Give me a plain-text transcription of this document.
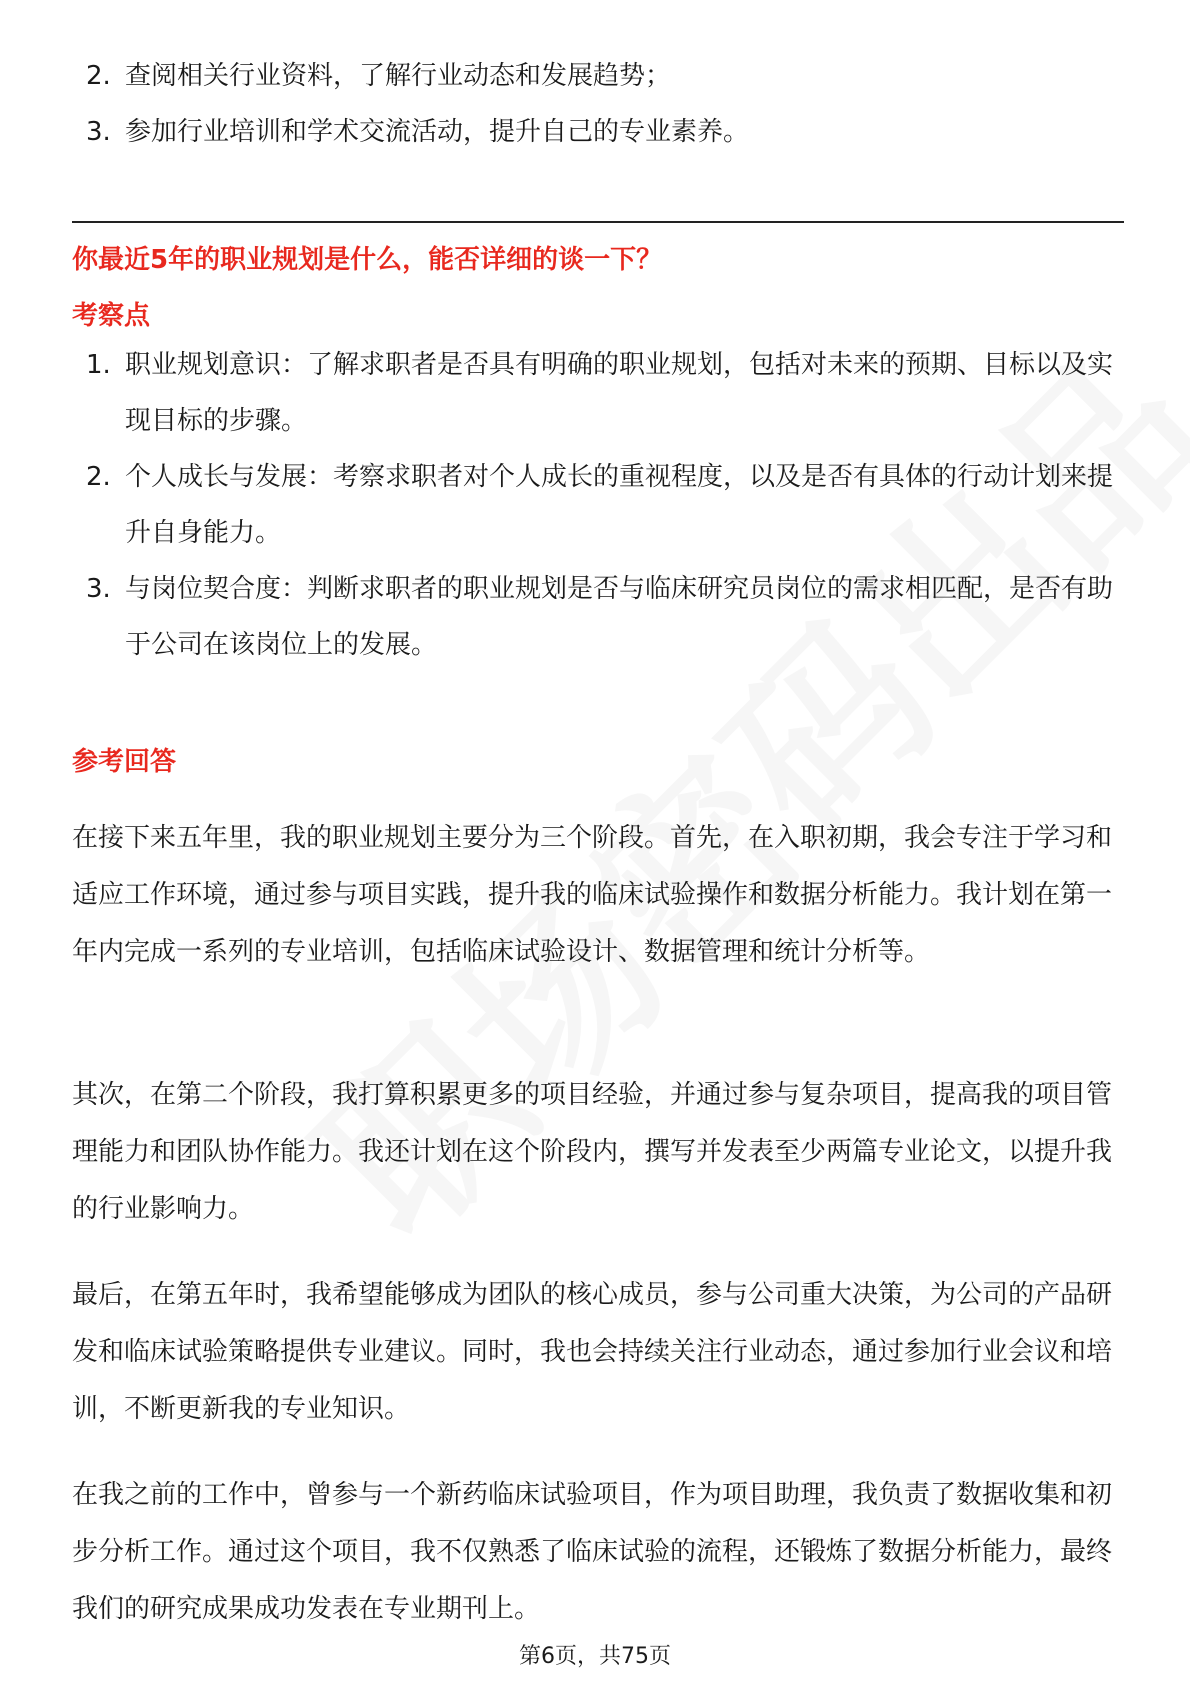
2. 查阅相关行业资料，了解行业动态和发展趋势；
3. 参加行业培训和学术交流活动，提升自己的专业素养。
你最近5年的职业规划是什么，能否详细的谈一下？
考察点
1. 职业规划意识：了解求职者是否具有明确的职业规划，包括对未来的预期、目标以及实现目标的步骤。
2. 个人成长与发展：考察求职者对个人成长的重视程度，以及是否有具体的行动计划来提升自身能力。
3. 与岗位契合度：判断求职者的职业规划是否与临床研究员岗位的需求相匹配，是否有助于公司在该岗位上的发展。
参考回答

在接下来五年里，我的职业规划主要分为三个阶段。首先，在入职初期，我会专注于学习和适应工作环境，通过参与项目实践，提升我的临床试验操作和数据分析能力。我计划在第一年内完成一系列的专业培训，包括临床试验设计、数据管理和统计分析等。

其次，在第二个阶段，我打算积累更多的项目经验，并通过参与复杂项目，提高我的项目管理能力和团队协作能力。我还计划在这个阶段内，撰写并发表至少两篇专业论文，以提升我的行业影响力。

最后，在第五年时，我希望能够成为团队的核心成员，参与公司重大决策，为公司的产品研发和临床试验策略提供专业建议。同时，我也会持续关注行业动态，通过参加行业会议和培训，不断更新我的专业知识。

在我之前的工作中，曾参与一个新药临床试验项目，作为项目助理，我负责了数据收集和初步分析工作。通过这个项目，我不仅熟悉了临床试验的流程，还锻炼了数据分析能力，最终我们的研究成果成功发表在专业期刊上。

第6页，共75页
